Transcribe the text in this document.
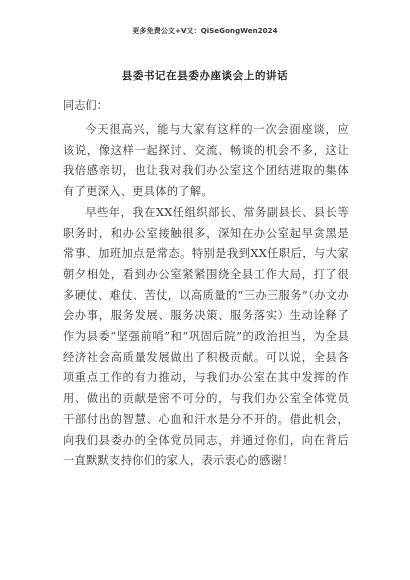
更多免费公文+V又：QiSeGongWen2024
县委书记在县委办座谈会上的讲话
同志们：

今天很高兴，能与大家有这样的一次会面座谈，应该说，像这样一起探讨、交流、畅谈的机会不多，这让我倍感亲切，也让我对我们办公室这个团结进取的集体有了更深入、更具体的了解。

早些年，我在XX任组织部长、常务副县长、县长等职务时，和办公室接触很多，深知在办公室起早贪黑是常事、加班加点是常态。特别是我到XX任职后，与大家朝夕相处，看到办公室紧紧围绕全县工作大局，打了很多硬仗、难仗、苦仗，以高质量的“三办三服务”（办文办会办事，服务发展、服务决策、服务落实）生动诠释了作为县委“坚强前哨”和“巩固后院”的政治担当，为全县经济社会高质量发展做出了积极贡献。可以说，全县各项重点工作的有力推动，与我们办公室在其中发挥的作用、做出的贡献是密不可分的，与我们办公室全体党员干部付出的智慧、心血和汗水是分不开的。借此机会，向我们县委办的全体党员同志，并通过你们，向在背后一直默默支持你们的家人，表示衷心的感谢！
